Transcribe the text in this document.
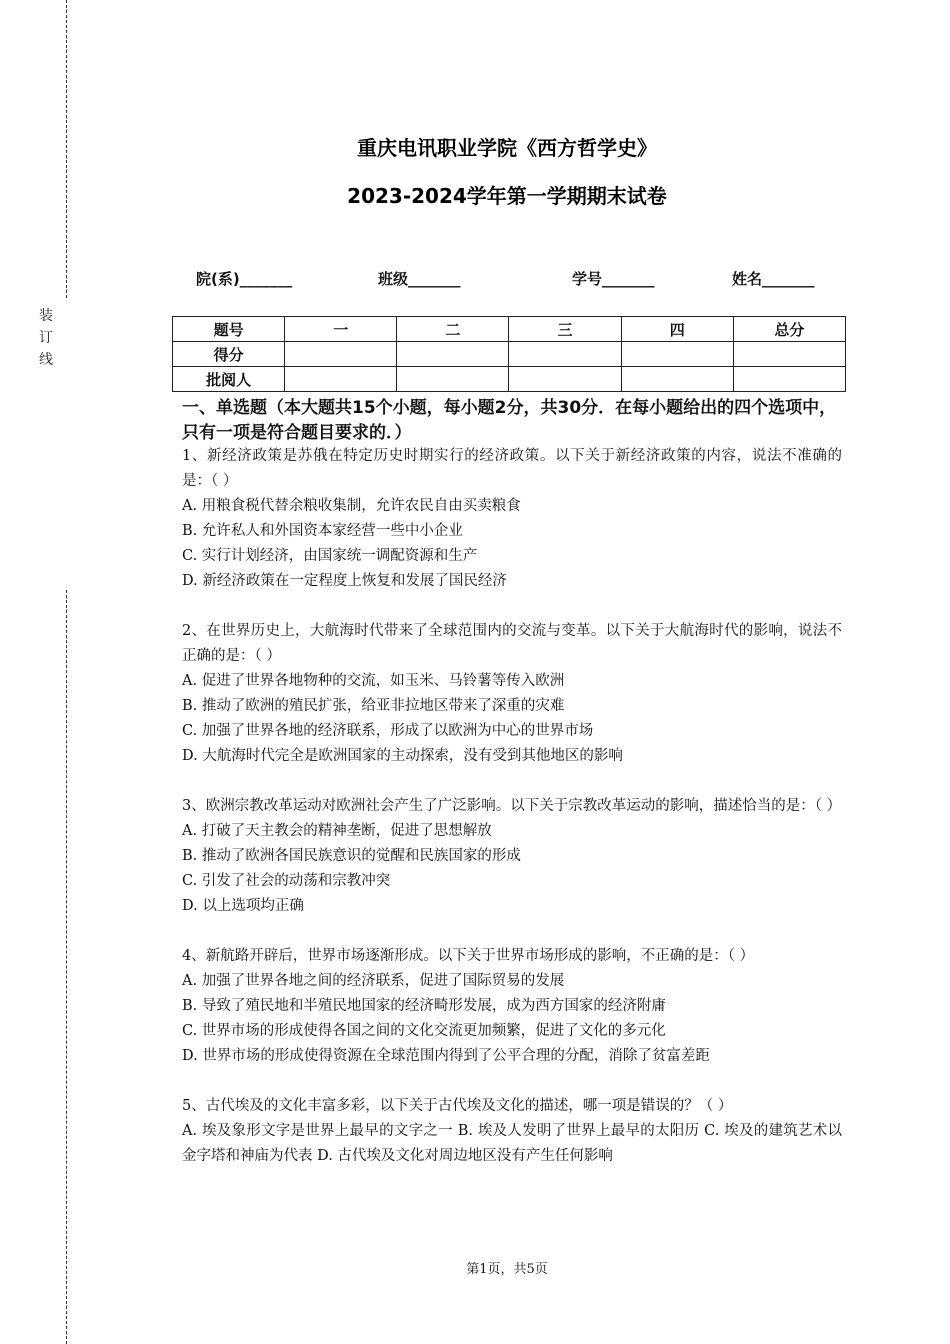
装订线
重庆电讯职业学院《西方哲学史》
2023-2024学年第一学期期末试卷
院(系)_______	班级_______	学号_______	姓名_______
题号	一	二	三	四	总分
得分					
批阅人					
一、单选题（本大题共15个小题，每小题2分，共30分．在每小题给出的四个选项中，只有一项是符合题目要求的．）
1、新经济政策是苏俄在特定历史时期实行的经济政策。以下关于新经济政策的内容，说法不准确的是：（ ）
A. 用粮食税代替余粮收集制，允许农民自由买卖粮食
B. 允许私人和外国资本家经营一些中小企业
C. 实行计划经济，由国家统一调配资源和生产
D. 新经济政策在一定程度上恢复和发展了国民经济
2、在世界历史上，大航海时代带来了全球范围内的交流与变革。以下关于大航海时代的影响，说法不正确的是：（ ）
A. 促进了世界各地物种的交流，如玉米、马铃薯等传入欧洲
B. 推动了欧洲的殖民扩张，给亚非拉地区带来了深重的灾难
C. 加强了世界各地的经济联系，形成了以欧洲为中心的世界市场
D. 大航海时代完全是欧洲国家的主动探索，没有受到其他地区的影响
3、欧洲宗教改革运动对欧洲社会产生了广泛影响。以下关于宗教改革运动的影响，描述恰当的是：（ ）
A. 打破了天主教会的精神垄断，促进了思想解放
B. 推动了欧洲各国民族意识的觉醒和民族国家的形成
C. 引发了社会的动荡和宗教冲突
D. 以上选项均正确
4、新航路开辟后，世界市场逐渐形成。以下关于世界市场形成的影响，不正确的是：（ ）
A. 加强了世界各地之间的经济联系，促进了国际贸易的发展
B. 导致了殖民地和半殖民地国家的经济畸形发展，成为西方国家的经济附庸
C. 世界市场的形成使得各国之间的文化交流更加频繁，促进了文化的多元化
D. 世界市场的形成使得资源在全球范围内得到了公平合理的分配，消除了贫富差距
5、古代埃及的文化丰富多彩，以下关于古代埃及文化的描述，哪一项是错误的？（ ）
A. 埃及象形文字是世界上最早的文字之一 B. 埃及人发明了世界上最早的太阳历 C. 埃及的建筑艺术以金字塔和神庙为代表 D. 古代埃及文化对周边地区没有产生任何影响
第1页，共5页
